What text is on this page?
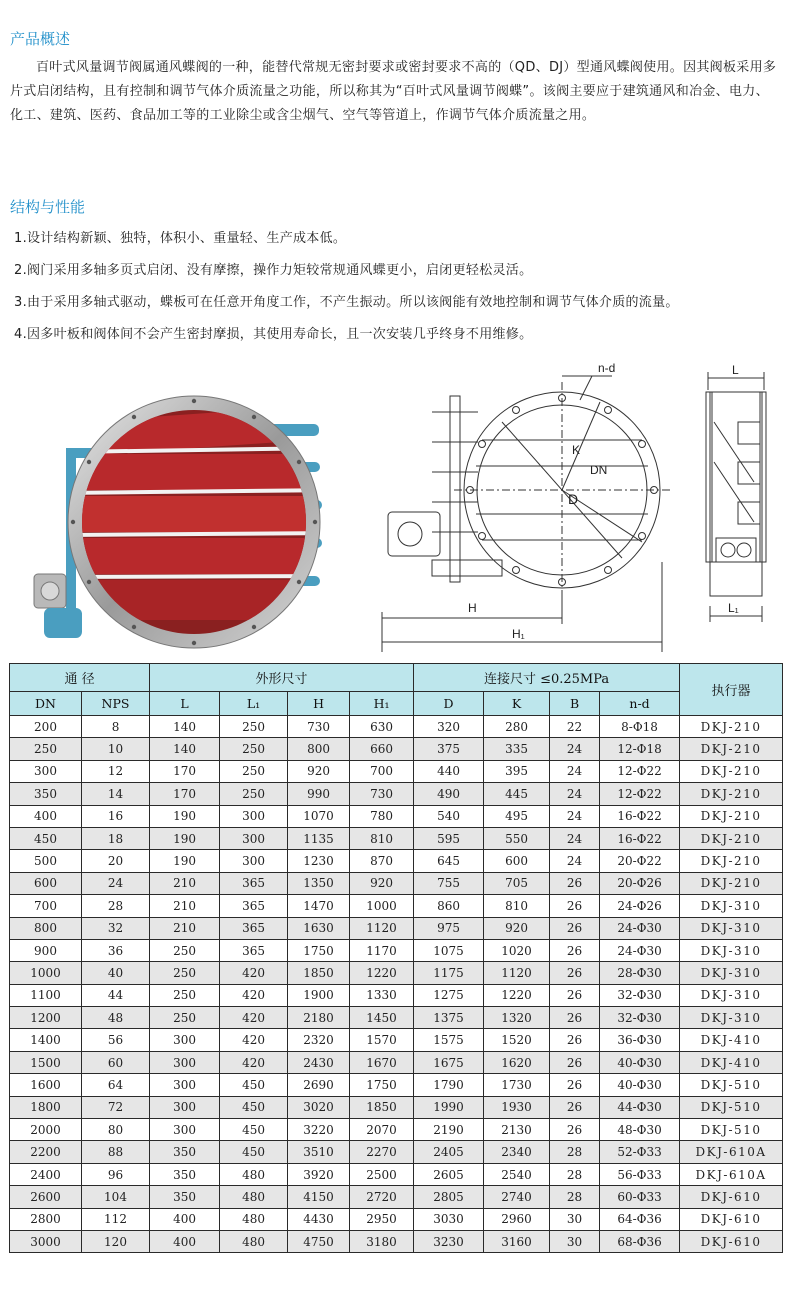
产品概述

百叶式风量调节阀属通风蝶阀的一种，能替代常规无密封要求或密封要求不高的（QD、DJ）型通风蝶阀使用。因其阀板采用多片式启闭结构，且有控制和调节气体介质流量之功能，所以称其为“百叶式风量调节阀蝶”。该阀主要应于建筑通风和冶金、电力、化工、建筑、医药、食品加工等的工业除尘或含尘烟气、空气等管道上，作调节气体介质流量之用。

结构与性能
1.设计结构新颖、独特，体积小、重量轻、生产成本低。
2.阀门采用多轴多页式启闭、没有摩擦，操作力矩较常规通风蝶更小，启闭更轻松灵活。
3.由于采用多轴式驱动，蝶板可在任意开角度工作，不产生振动。所以该阀能有效地控制和调节气体介质的流量。
4.因多叶板和阀体间不会产生密封摩损，其使用寿命长，且一次安装几乎终身不用维修。
n-d
K
DN
D
H
H₁
L
L₁
通 径		外形尺寸				连接尺寸 ≤0.25MPa				执行器
DN	NPS	L	L₁	H	H₁	D	K	B	n-d	
200	8	140	250	730	630	320	280	22	8-Φ18	DKJ-210
250	10	140	250	800	660	375	335	24	12-Φ18	DKJ-210
300	12	170	250	920	700	440	395	24	12-Φ22	DKJ-210
350	14	170	250	990	730	490	445	24	12-Φ22	DKJ-210
400	16	190	300	1070	780	540	495	24	16-Φ22	DKJ-210
450	18	190	300	1135	810	595	550	24	16-Φ22	DKJ-210
500	20	190	300	1230	870	645	600	24	20-Φ22	DKJ-210
600	24	210	365	1350	920	755	705	26	20-Φ26	DKJ-210
700	28	210	365	1470	1000	860	810	26	24-Φ26	DKJ-310
800	32	210	365	1630	1120	975	920	26	24-Φ30	DKJ-310
900	36	250	365	1750	1170	1075	1020	26	24-Φ30	DKJ-310
1000	40	250	420	1850	1220	1175	1120	26	28-Φ30	DKJ-310
1100	44	250	420	1900	1330	1275	1220	26	32-Φ30	DKJ-310
1200	48	250	420	2180	1450	1375	1320	26	32-Φ30	DKJ-310
1400	56	300	420	2320	1570	1575	1520	26	36-Φ30	DKJ-410
1500	60	300	420	2430	1670	1675	1620	26	40-Φ30	DKJ-410
1600	64	300	450	2690	1750	1790	1730	26	40-Φ30	DKJ-510
1800	72	300	450	3020	1850	1990	1930	26	44-Φ30	DKJ-510
2000	80	300	450	3220	2070	2190	2130	26	48-Φ30	DKJ-510
2200	88	350	450	3510	2270	2405	2340	28	52-Φ33	DKJ-610A
2400	96	350	480	3920	2500	2605	2540	28	56-Φ33	DKJ-610A
2600	104	350	480	4150	2720	2805	2740	28	60-Φ33	DKJ-610
2800	112	400	480	4430	2950	3030	2960	30	64-Φ36	DKJ-610
3000	120	400	480	4750	3180	3230	3160	30	68-Φ36	DKJ-610
